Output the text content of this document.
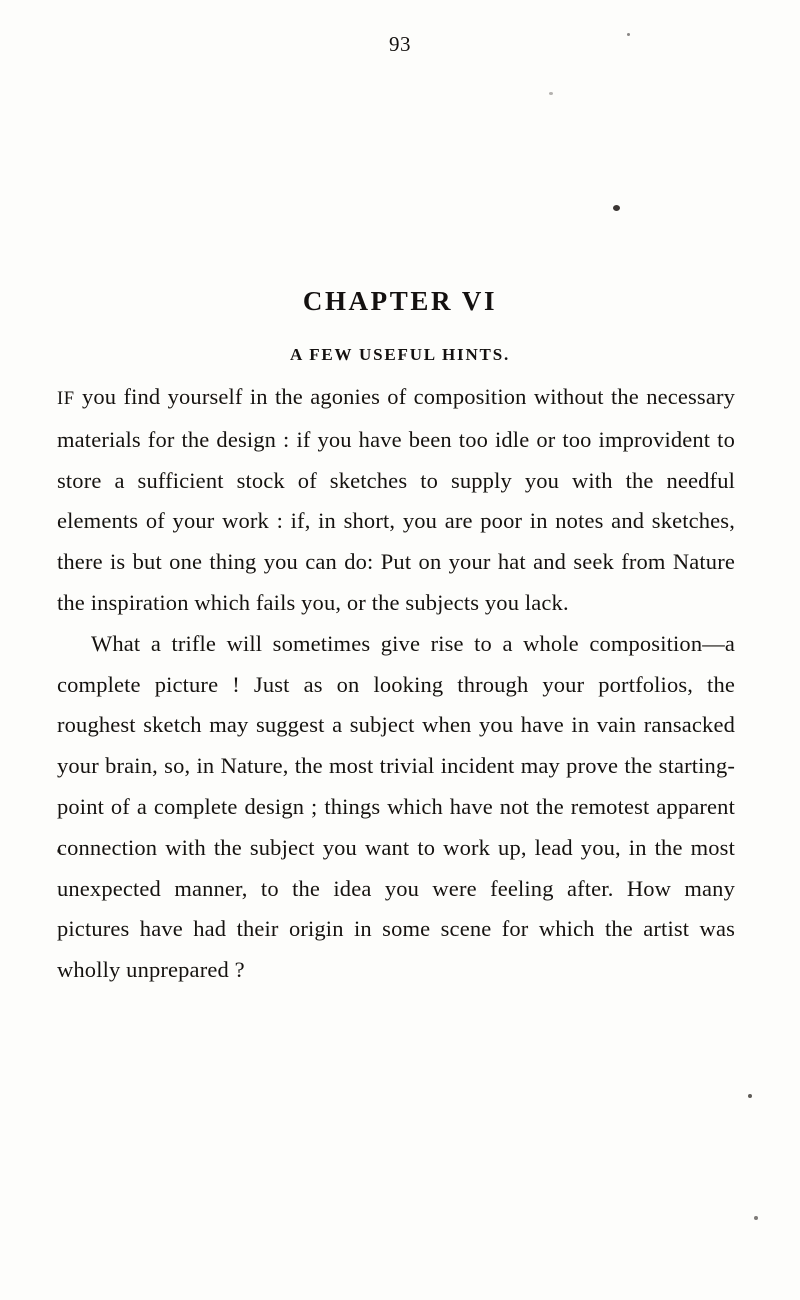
93
CHAPTER VI
A FEW USEFUL HINTS.

IF you find yourself in the agonies of composition without the necessary materials for the design : if you have been too idle or too improvident to store a sufficient stock of sketches to supply you with the needful elements of your work : if, in short, you are poor in notes and sketches, there is but one thing you can do: Put on your hat and seek from Nature the inspiration which fails you, or the subjects you lack.

What a trifle will sometimes give rise to a whole composition—a complete picture ! Just as on looking through your portfolios, the roughest sketch may suggest a subject when you have in vain ransacked your brain, so, in Nature, the most trivial incident may prove the starting-point of a complete design ; things which have not the remotest apparent connection with the subject you want to work up, lead you, in the most unexpected manner, to the idea you were feeling after. How many pictures have had their origin in some scene for which the artist was wholly unprepared ?
